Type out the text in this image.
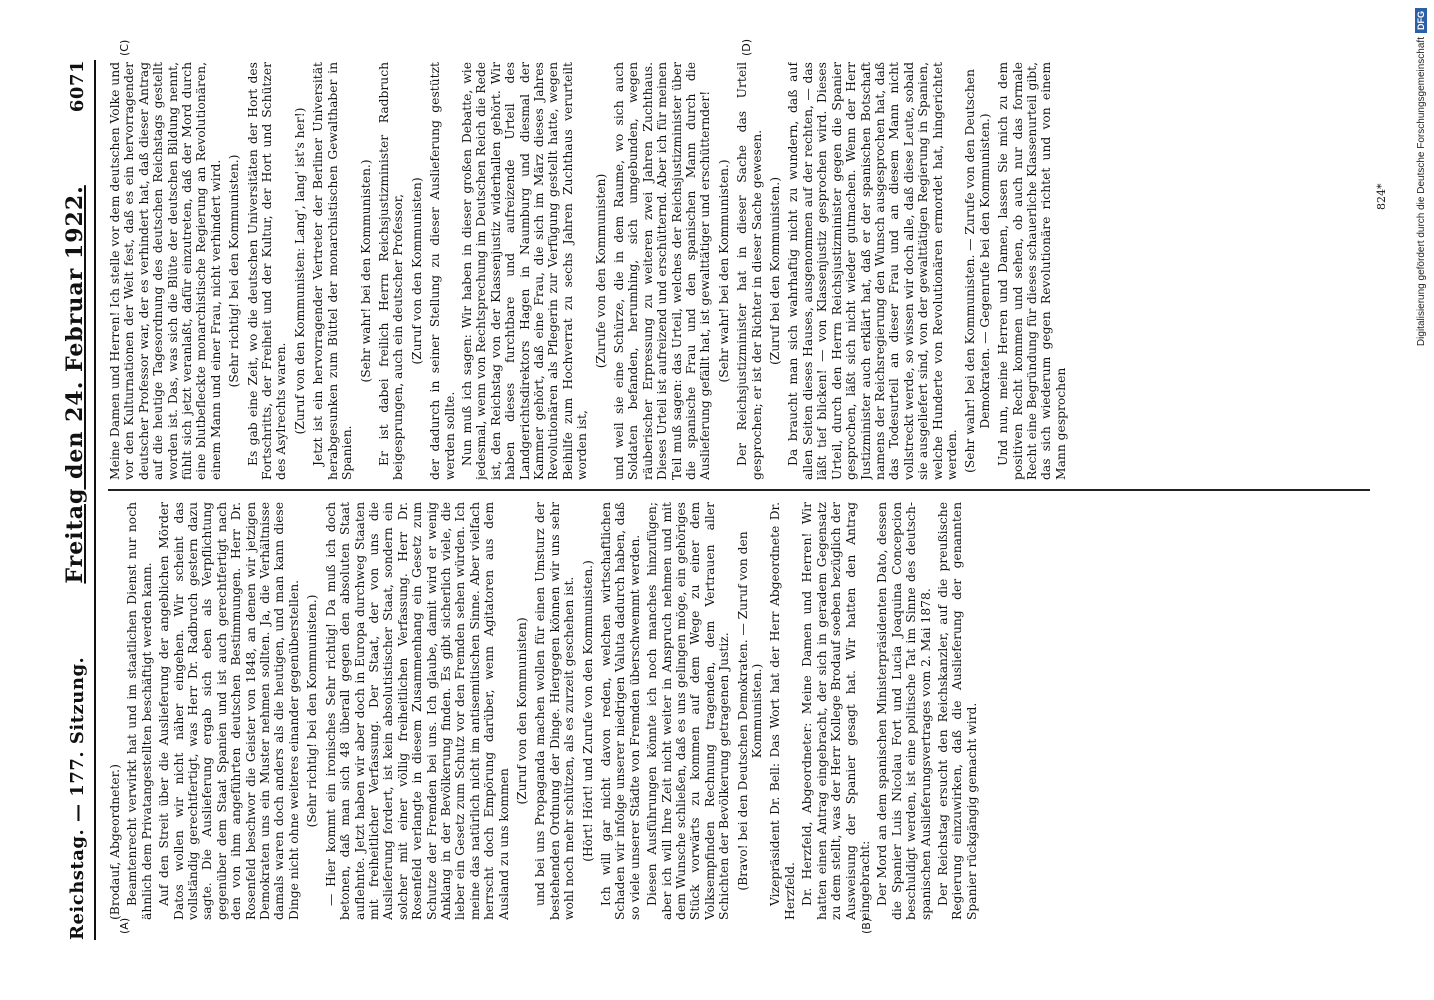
Reichstag. — 177. Sitzung.
Freitag den 24. Februar 1922.
6071
(A)	(B)
(C)	(D)

(Brodauf, Abgeordneter.) Beamtenrecht verwirkt hat und im staatlichen Dienst nur noch ähnlich dem Privatangestellten beschäftigt werden kann. Auf den Streit über die Auslieferung der angeblichen Mörder Datos wollen wir nicht näher eingehen. Wir scheint das vollständig gerechtfertigt, was Herr Dr. Radbruch gestern dazu sagte. Die Auslieferung ergab sich eben als Verpflichtung gegenüber dem Staat Spanien und ist auch gerechtfertigt nach den von ihm angeführten deutschen Bestimmungen. Herr Dr. Rosenfeld beschwor die Geister von 1848, an denen wir jetzigen Demokraten uns ein Muster nehmen sollten. Ja, die Verhältnisse damals waren doch anders als die heutigen, und man kann diese Dinge nicht ohne weiteres einander gegenüberstellen. (Sehr richtig! bei den Kommunisten.) — Hier kommt ein ironisches Sehr richtig! Da muß ich doch betonen, daß man sich 48 überall gegen den absoluten Staat auflehnte. Jetzt haben wir aber doch in Europa durchweg Staaten mit freiheitlicher Verfassung. Der Staat, der von uns die Auslieferung fordert, ist kein absolutistischer Staat, sondern ein solcher mit einer völlig freiheitlichen Verfassung. Herr Dr. Rosenfeld verlangte in diesem Zusammenhang ein Gesetz zum Schutze der Fremden bei uns. Ich glaube, damit wird er wenig Anklang in der Bevölkerung finden. Es gibt sicherlich viele, die lieber ein Gesetz zum Schutz vor den Fremden sehen würden. Ich meine das natürlich nicht im antisemitischen Sinne. Aber vielfach herrscht doch Empörung darüber, wenn Agitatoren aus dem Ausland zu uns kommen

(Zuruf von den Kommunisten) und bei uns Propaganda machen wollen für einen Umsturz der bestehenden Ordnung der Dinge. Hiergegen können wir uns sehr wohl noch mehr schützen, als es zurzeit geschehen ist. (Hört! Hört! und Zurufe von den Kommunisten.) Ich will gar nicht davon reden, welchen wirtschaftlichen Schaden wir infolge unserer niedrigen Valuta dadurch haben, daß so viele unserer Städte von Fremden überschwemmt werden. Diesen Ausführungen könnte ich noch manches hinzufügen; aber ich will Ihre Zeit nicht weiter in Anspruch nehmen und mit dem Wunsche schließen, daß es uns gelingen möge, ein gehöriges Stück vorwärts zu kommen auf dem Wege zu einer dem Volksempfinden Rechnung tragenden, dem Vertrauen aller Schichten der Bevölkerung getragenen Justiz. (Bravo! bei den Deutschen Demokraten. — Zuruf von den Kommunisten.) Vizepräsident Dr. Bell: Das Wort hat der Herr Abgeordnete Dr. Herzfeld. Dr. Herzfeld, Abgeordneter: Meine Damen und Herren! Wir hatten einen Antrag eingebracht, der sich in geradem Gegensatz zu dem stellt, was der Herr Kollege Brodauf soeben bezüglich der Ausweisung der Spanier gesagt hat. Wir hatten den Antrag eingebracht: Der Mord an dem spanischen Ministerpräsidenten Dato, dessen die Spanier Luis Nicolau Fort und Lucia Joaquina Concepcion beschuldigt werden, ist eine politische Tat im Sinne des deutsch-spanischen Auslieferungsvertrages vom 2. Mai 1878. Der Reichstag ersucht den Reichskanzler, auf die preußische Regierung einzuwirken, daß die Auslieferung der genannten Spanier rückgängig gemacht wird.

Meine Damen und Herren! Ich stelle vor dem deutschen Volke und vor den Kulturnationen der Welt fest, daß es ein hervorragender deutscher Professor war, der es verhindert hat, daß dieser Antrag auf die heutige Tagesordnung des deutschen Reichstags gestellt worden ist. Das, was sich die Blüte der deutschen Bildung nennt, fühlt sich jetzt veranlaßt, dafür einzutreten, daß der Mord durch eine blutbefleckte monarchistische Regierung an Revolutionären, einem Mann und einer Frau, nicht verhindert wird. (Sehr richtig! bei den Kommunisten.) Es gab eine Zeit, wo die deutschen Universitäten der Hort des Fortschritts, der Freiheit und der Kultur, der Hort und Schützer des Asylrechts waren. (Zuruf von den Kommunisten: Lang', lang' ist's her!) Jetzt ist ein hervorragender Vertreter der Berliner Universität herabgesunken zum Büttel der monarchistischen Gewalthaber in Spanien.

(Sehr wahr! bei den Kommunisten.) Er ist dabei freilich Herrn Reichsjustizminister Radbruch beigesprungen, auch ein deutscher Professor, (Zuruf von den Kommunisten) der dadurch in seiner Stellung zu dieser Auslieferung gestützt werden sollte. Nun muß ich sagen: Wir haben in dieser großen Debatte, wie jedesmal, wenn von Rechtsprechung im Deutschen Reich die Rede ist, den Reichstag von der Klassenjustiz widerhallen gehört. Wir haben dieses furchtbare und aufreizende Urteil des Landgerichtsdirektors Hagen in Naumburg und diesmal der Kammer gehört, daß eine Frau, die sich im März dieses Jahres Revolutionären als Pflegerin zur Verfügung gestellt hatte, wegen Beihilfe zum Hochverrat zu sechs Jahren Zuchthaus verurteilt worden ist,

(Zurufe von den Kommunisten) und weil sie eine Schürze, die in dem Raume, wo sich auch Soldaten befanden, herumhing, sich umgebunden, wegen räuberischer Erpressung zu weiteren zwei Jahren Zuchthaus. Dieses Urteil ist aufreizend und erschütternd. Aber ich für meinen Teil muß sagen: das Urteil, welches der Reichsjustizminister über die spanische Frau und den spanischen Mann durch die Auslieferung gefällt hat, ist gewalttätiger und erschütternder! (Sehr wahr! bei den Kommunisten.) Der Reichsjustizminister hat in dieser Sache das Urteil gesprochen; er ist der Richter in dieser Sache gewesen. (Zuruf bei den Kommunisten.) Da braucht man sich wahrhaftig nicht zu wundern, daß auf allen Seiten dieses Hauses, ausgenommen auf der rechten, — das läßt tief blicken! — von Klassenjustiz gesprochen wird. Dieses Urteil, durch den Herrn Reichsjustizminister gegen die Spanier gesprochen, läßt sich nicht wieder gutmachen. Wenn der Herr Justizminister auch erklärt hat, daß er der spanischen Botschaft namens der Reichsregierung den Wunsch ausgesprochen hat, daß das Todesurteil an dieser Frau und an diesem Mann nicht vollstreckt werde, so wissen wir doch alle, daß diese Leute, sobald sie ausgeliefert sind, von der gewalttätigen Regierung in Spanien, welche Hunderte von Revolutionären ermordet hat, hingerichtet werden. (Sehr wahr! bei den Kommunisten. — Zurufe von den Deutschen Demokraten. — Gegenrufe bei den Kommunisten.) Und nun, meine Herren und Damen, lassen Sie mich zu dem positiven Recht kommen und sehen, ob auch nur das formale Recht eine Begründung für dieses schauerliche Klassenurteil gibt, das sich wiederum gegen Revolutionäre richtet und von einem Mann gesprochen

824*	Digitalisierung gefördert durch die Deutsche Forschungsgemeinschaft
DFG
